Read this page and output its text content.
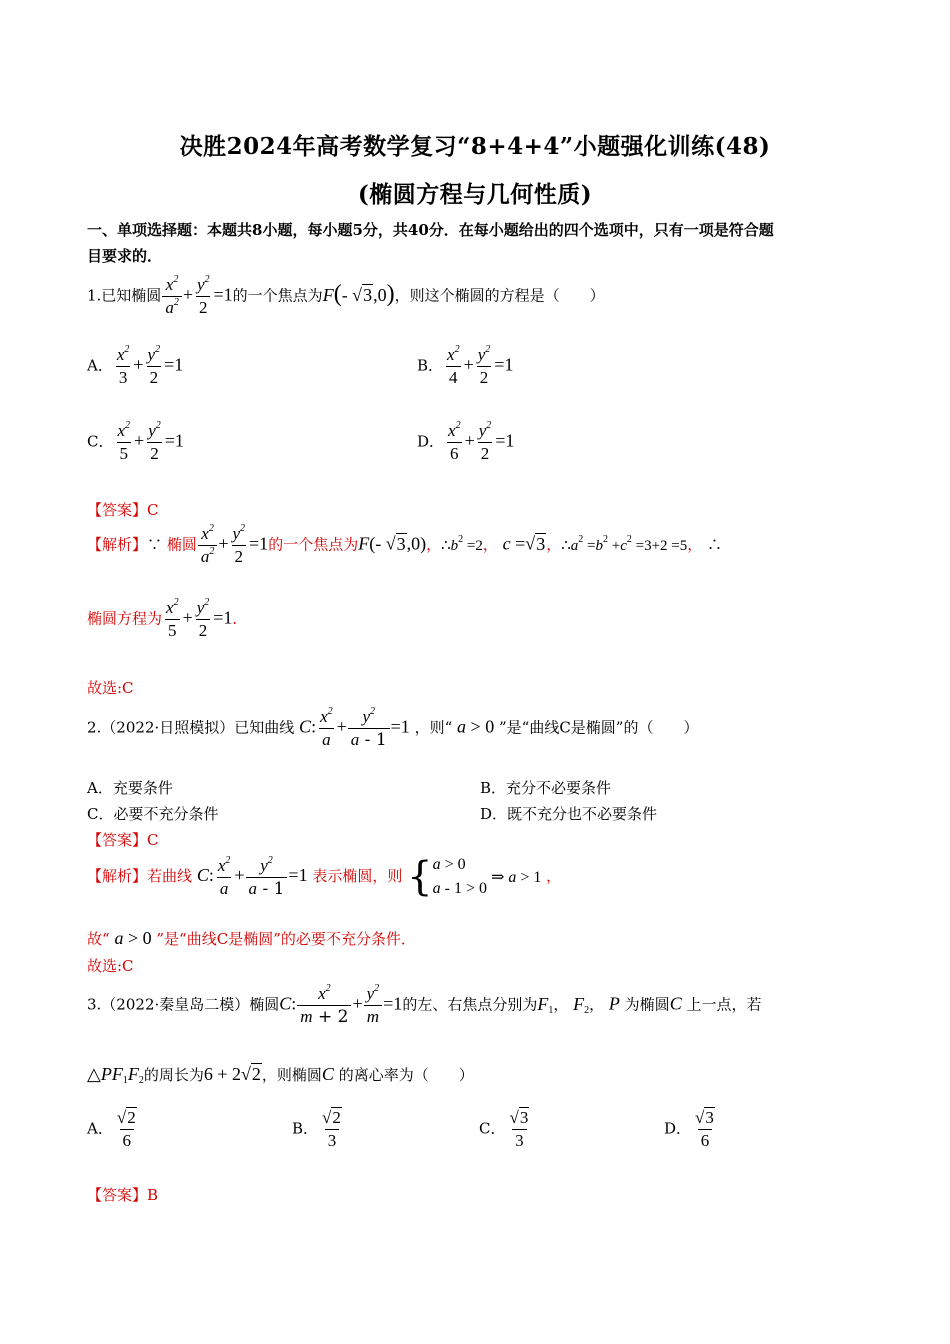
决胜2024年高考数学复习“8+4+4”小题强化训练(48)
(椭圆方程与几何性质)
一、单项选择题：本题共8小题，每小题5分，共40分．在每小题给出的四个选项中，只有一项是符合题
目要求的．
1.已知椭圆 $\frac{x^2}{a^2} + \frac{y^2}{2} =1$的一个焦点为F(- √3,0)，则这个椭圆的方程是（　　）
A． $\frac{x^2}{3} + \frac{y^2}{2} =1$	B． $\frac{x^2}{4} + \frac{y^2}{2} =1$
C． $\frac{x^2}{5} + \frac{y^2}{2} =1$	D． $\frac{x^2}{6} + \frac{y^2}{2} =1$
【答案】C
【解析】∵ 椭圆 $\frac{x^2}{a^2} + \frac{y^2}{2} =1$的一个焦点为F(- √3,0)，$\therefore b^2 =2$， c =√3，$\therefore a^2 =b^2 +c^2 =3+2 =5$， ∴
椭圆方程为 $\frac{x^2}{5} + \frac{y^2}{2} =1$．
故选:C
2.（2022·日照模拟）已知曲线 C: $\frac{x^2}{a} + \frac{y^2}{a - 1} =1$ ，则“ a > 0 ”是“曲线C是椭圆”的（　　）
A．充要条件	B．充分不必要条件
C．必要不充分条件	D．既不充分也不必要条件
【答案】C
【解析】若曲线 C: $\frac{x^2}{a} + \frac{y^2}{a - 1} =1$ 表示椭圆，则 { a > 0
a - 1 > 0
⇒ a > 1 ，
故“ a > 0 ”是“曲线C是椭圆”的必要不充分条件．
故选:C
3.（2022·秦皇岛二模）椭圆C: $\frac{x^2}{m + 2} + \frac{y^2}{m} =1$的左、右焦点分别为$F_1$， $F_2$， P 为椭圆C 上一点，若
$\triangle PF_1F_2$的周长为6 + 2√2，则椭圆C 的离心率为（　　）
A． $\frac{√2}{6}$	B． $\frac{√2}{3}$	C． $\frac{√3}{3}$	D． $\frac{√3}{6}$
【答案】B
